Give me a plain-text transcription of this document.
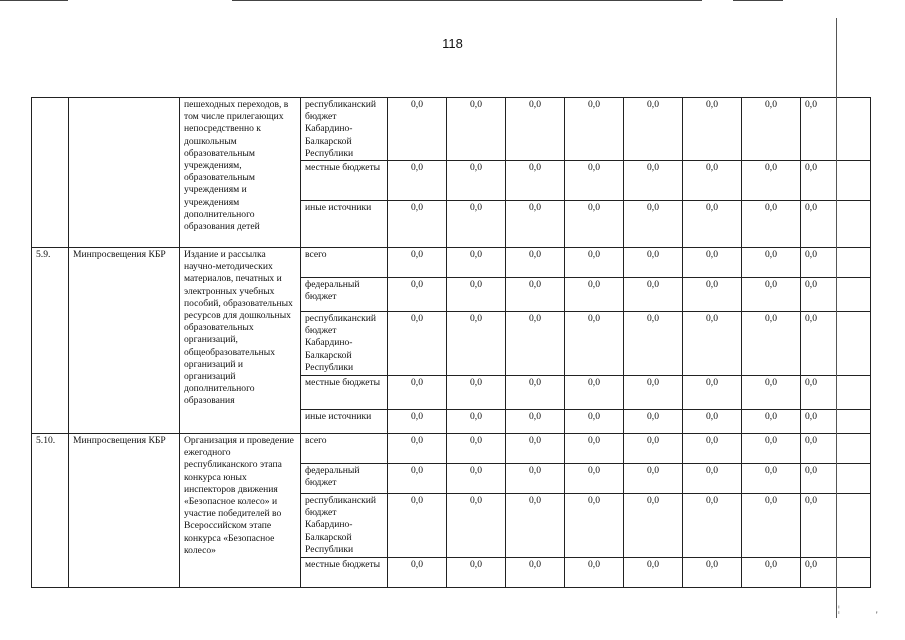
118
		пешеходных переходов, в том числе прилегающих непосредственно к дошкольным образовательным учреждениям, образовательным учреждениям и учреждениям дополнительного образования детей	республиканский бюджет Кабардино-Балкарской Республики	0,0	0,0	0,0	0,0	0,0	0,0	0,0	0,0
			местные бюджеты	0,0	0,0	0,0	0,0	0,0	0,0	0,0	0,0
			иные источники	0,0	0,0	0,0	0,0	0,0	0,0	0,0	0,0
5.9.	Минпросвещения КБР	Издание и рассылка научно-методических материалов, печатных и электронных учебных пособий, образовательных ресурсов для дошкольных образовательных организаций, общеобразовательных организаций и организаций дополнительного образования	всего	0,0	0,0	0,0	0,0	0,0	0,0	0,0	0,0
			федеральный бюджет	0,0	0,0	0,0	0,0	0,0	0,0	0,0	0,0
			республиканский бюджет Кабардино-Балкарской Республики	0,0	0,0	0,0	0,0	0,0	0,0	0,0	0,0
			местные бюджеты	0,0	0,0	0,0	0,0	0,0	0,0	0,0	0,0
			иные источники	0,0	0,0	0,0	0,0	0,0	0,0	0,0	0,0
5.10.	Минпросвещения КБР	Организация и проведение ежегодного республиканского этапа конкурса юных инспекторов движения «Безопасное колесо» и участие победителей во Всероссийском этапе конкурса «Безопасное колесо»	всего	0,0	0,0	0,0	0,0	0,0	0,0	0,0	0,0
			федеральный бюджет	0,0	0,0	0,0	0,0	0,0	0,0	0,0	0,0
			республиканский бюджет Кабардино-Балкарской Республики	0,0	0,0	0,0	0,0	0,0	0,0	0,0	0,0
			местные бюджеты	0,0	0,0	0,0	0,0	0,0	0,0	0,0	0,0
¦
'
